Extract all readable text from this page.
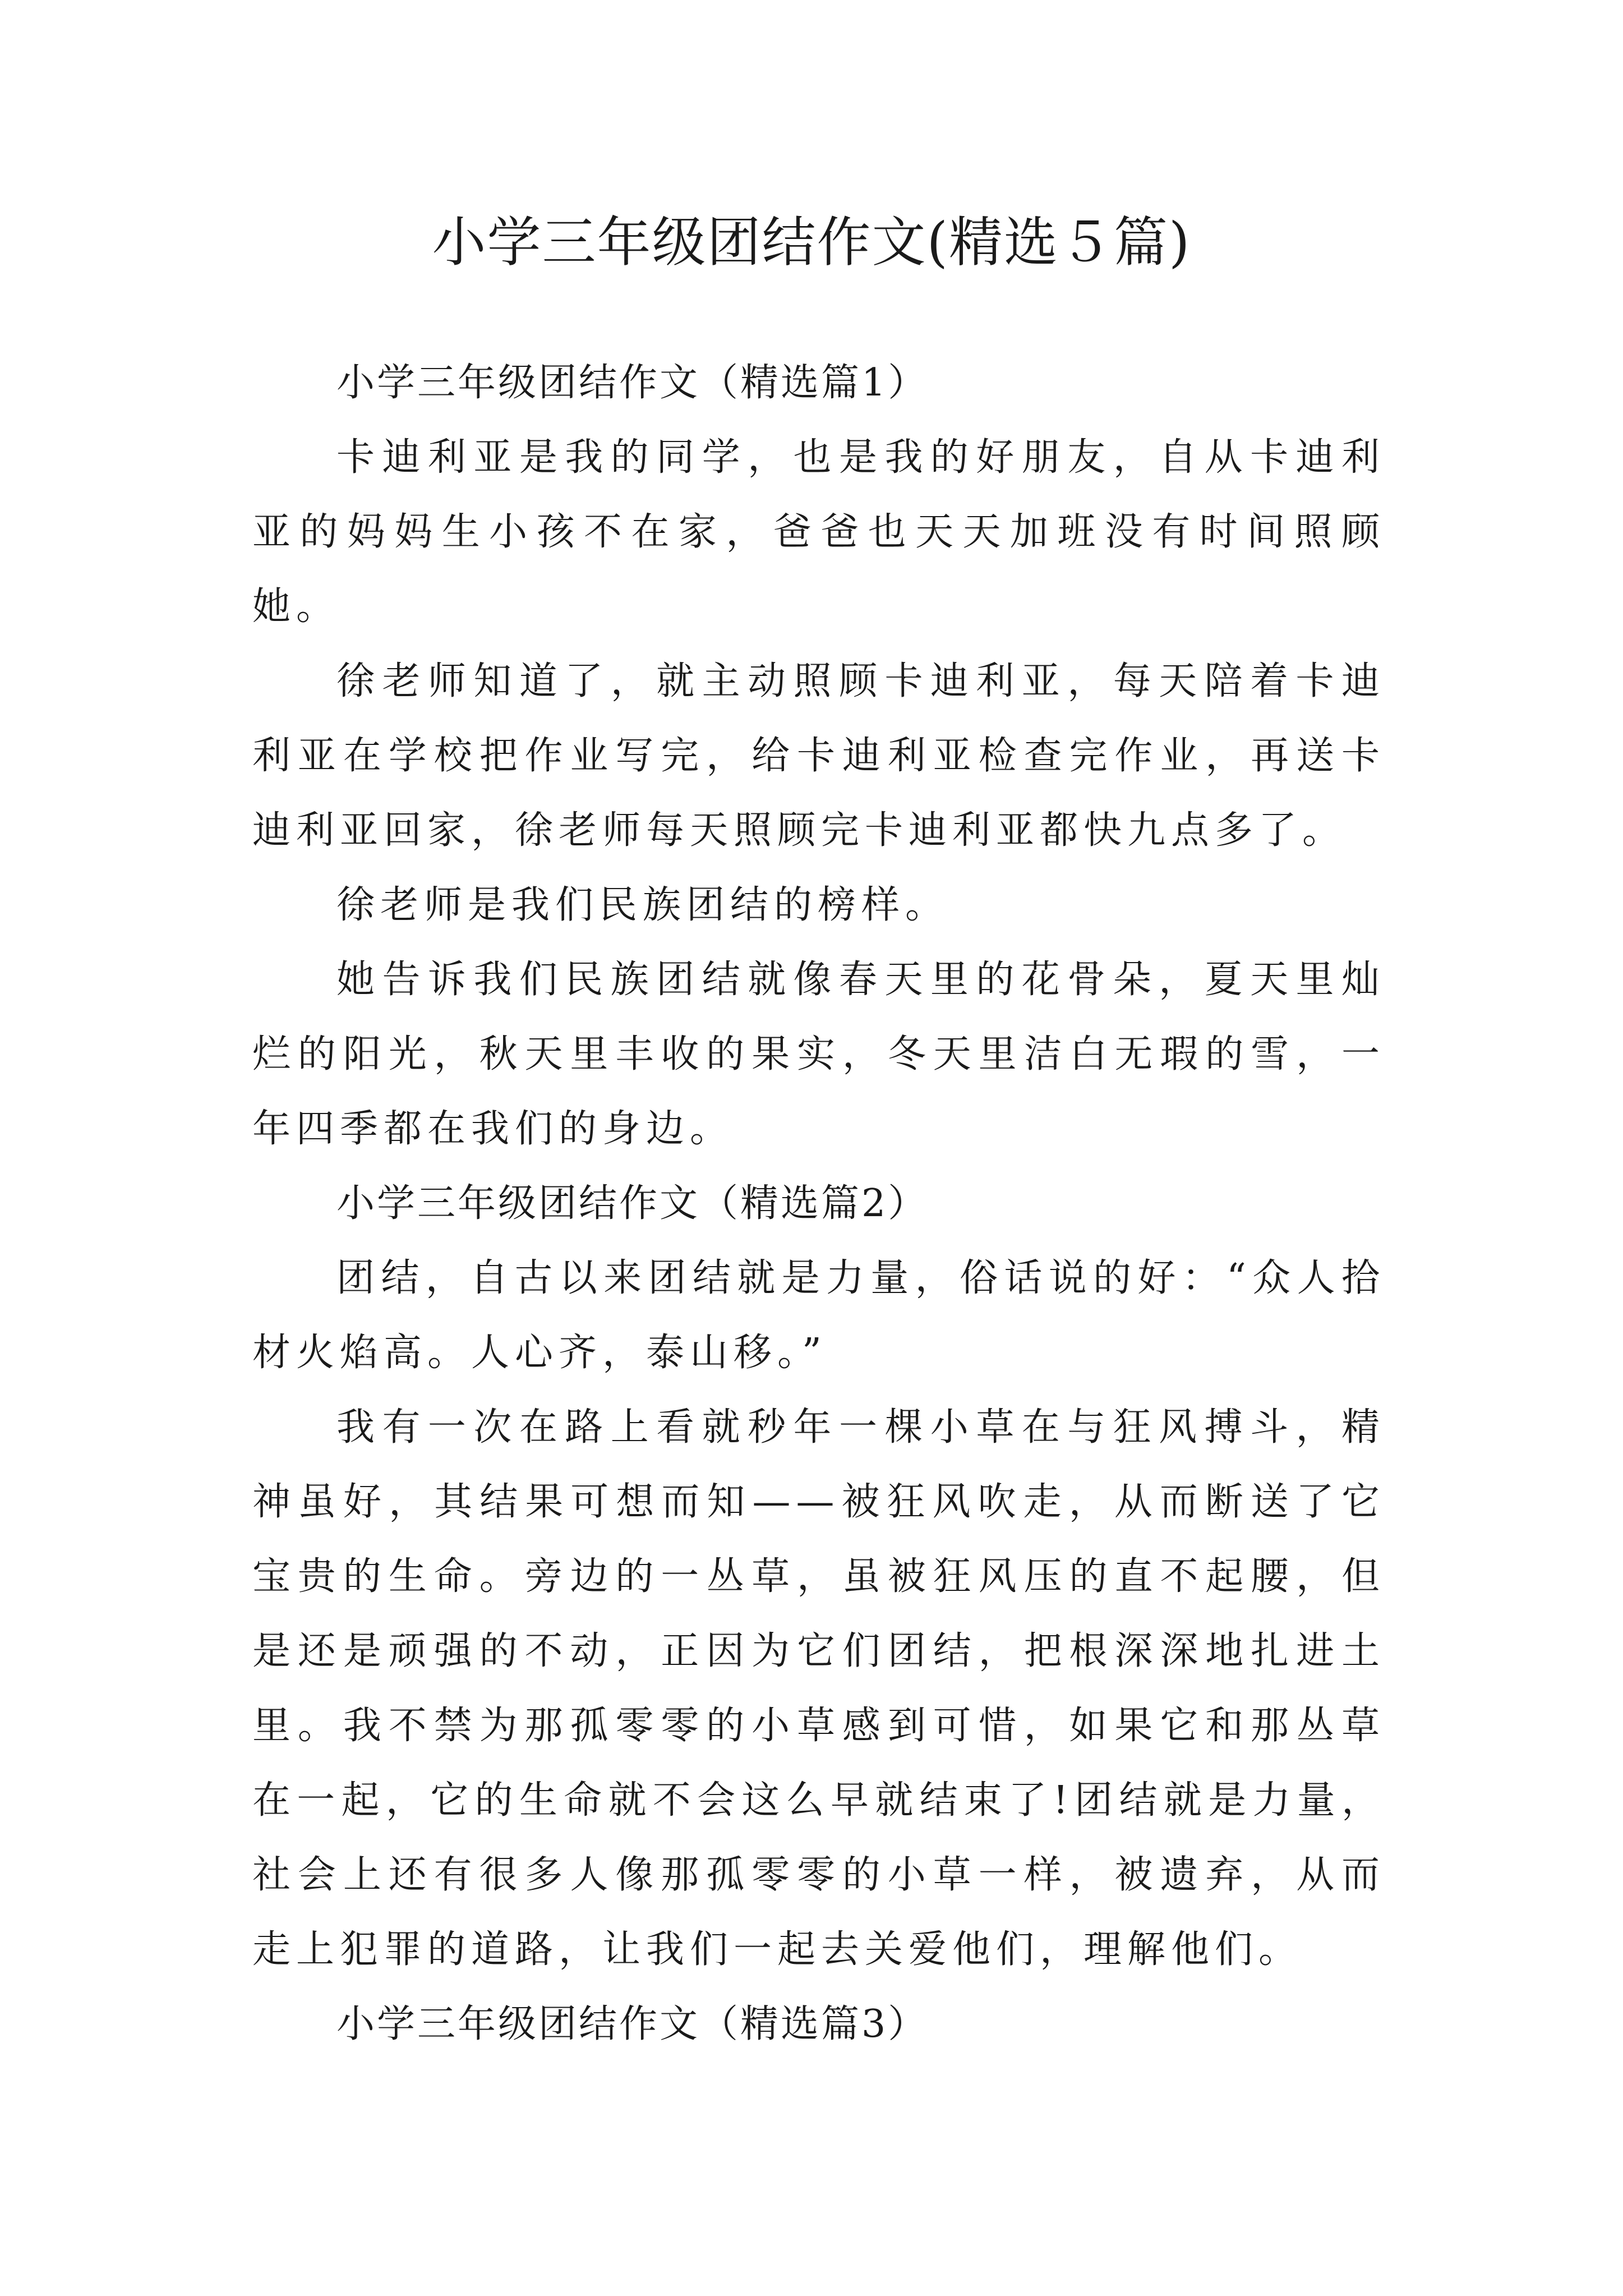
小学三年级团结作文(精选５篇)

小学三年级团结作文（精选篇1）

卡迪利亚是我的同学，也是我的好朋友，自从卡迪利亚的妈妈生小孩不在家，爸爸也天天加班没有时间照顾她。

徐老师知道了，就主动照顾卡迪利亚，每天陪着卡迪利亚在学校把作业写完，给卡迪利亚检查完作业，再送卡迪利亚回家，徐老师每天照顾完卡迪利亚都快九点多了。

徐老师是我们民族团结的榜样。

她告诉我们民族团结就像春天里的花骨朵，夏天里灿烂的阳光，秋天里丰收的果实，冬天里洁白无瑕的雪，一年四季都在我们的身边。

小学三年级团结作文（精选篇2）

团结，自古以来团结就是力量，俗话说的好：“众人拾材火焰高。人心齐，泰山移。”

我有一次在路上看就秒年一棵小草在与狂风搏斗，精神虽好，其结果可想而知——被狂风吹走，从而断送了它宝贵的生命。旁边的一丛草，虽被狂风压的直不起腰，但是还是顽强的不动，正因为它们团结，把根深深地扎进土里。我不禁为那孤零零的小草感到可惜，如果它和那丛草在一起，它的生命就不会这么早就结束了!团结就是力量，社会上还有很多人像那孤零零的小草一样，被遗弃，从而走上犯罪的道路，让我们一起去关爱他们，理解他们。

小学三年级团结作文（精选篇3）
